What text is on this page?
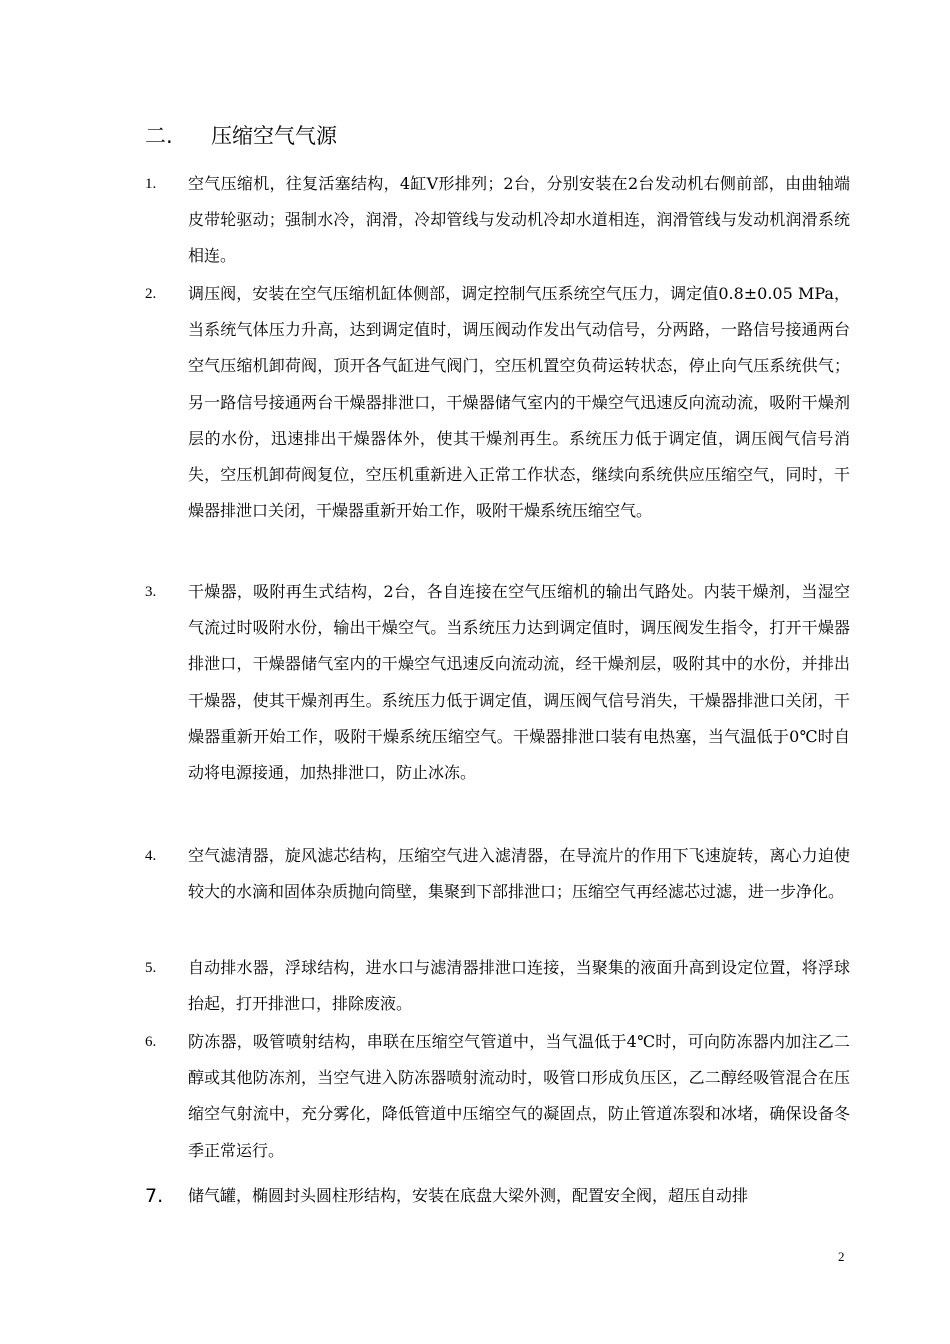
二. 压缩空气气源
1. 空气压缩机，往复活塞结构，4缸V形排列；2台，分别安装在2台发动机右侧前部，由曲轴端皮带轮驱动；强制水冷，润滑，冷却管线与发动机冷却水道相连，润滑管线与发动机润滑系统相连。
2. 调压阀，安装在空气压缩机缸体侧部，调定控制气压系统空气压力，调定值0.8±0.05 MPa，当系统气体压力升高，达到调定值时，调压阀动作发出气动信号，分两路，一路信号接通两台空气压缩机卸荷阀，顶开各气缸进气阀门，空压机置空负荷运转状态，停止向气压系统供气；另一路信号接通两台干燥器排泄口，干燥器储气室内的干燥空气迅速反向流动流，吸附干燥剂层的水份，迅速排出干燥器体外，使其干燥剂再生。系统压力低于调定值，调压阀气信号消失，空压机卸荷阀复位，空压机重新进入正常工作状态，继续向系统供应压缩空气，同时，干燥器排泄口关闭，干燥器重新开始工作，吸附干燥系统压缩空气。
3. 干燥器，吸附再生式结构，2台，各自连接在空气压缩机的输出气路处。内装干燥剂，当湿空气流过时吸附水份，输出干燥空气。当系统压力达到调定值时，调压阀发生指令，打开干燥器排泄口，干燥器储气室内的干燥空气迅速反向流动流，经干燥剂层，吸附其中的水份，并排出干燥器，使其干燥剂再生。系统压力低于调定值，调压阀气信号消失，干燥器排泄口关闭，干燥器重新开始工作，吸附干燥系统压缩空气。干燥器排泄口装有电热塞，当气温低于0℃时自动将电源接通，加热排泄口，防止冰冻。
4. 空气滤清器，旋风滤芯结构，压缩空气进入滤清器，在导流片的作用下飞速旋转，离心力迫使较大的水滴和固体杂质抛向筒壁，集聚到下部排泄口；压缩空气再经滤芯过滤，进一步净化。
5. 自动排水器，浮球结构，进水口与滤清器排泄口连接，当聚集的液面升高到设定位置，将浮球抬起，打开排泄口，排除废液。
6. 防冻器，吸管喷射结构，串联在压缩空气管道中，当气温低于4℃时，可向防冻器内加注乙二醇或其他防冻剂，当空气进入防冻器喷射流动时，吸管口形成负压区，乙二醇经吸管混合在压缩空气射流中，充分雾化，降低管道中压缩空气的凝固点，防止管道冻裂和冰堵，确保设备冬季正常运行。
7. 储气罐，椭圆封头圆柱形结构，安装在底盘大梁外测，配置安全阀，超压自动排
2
